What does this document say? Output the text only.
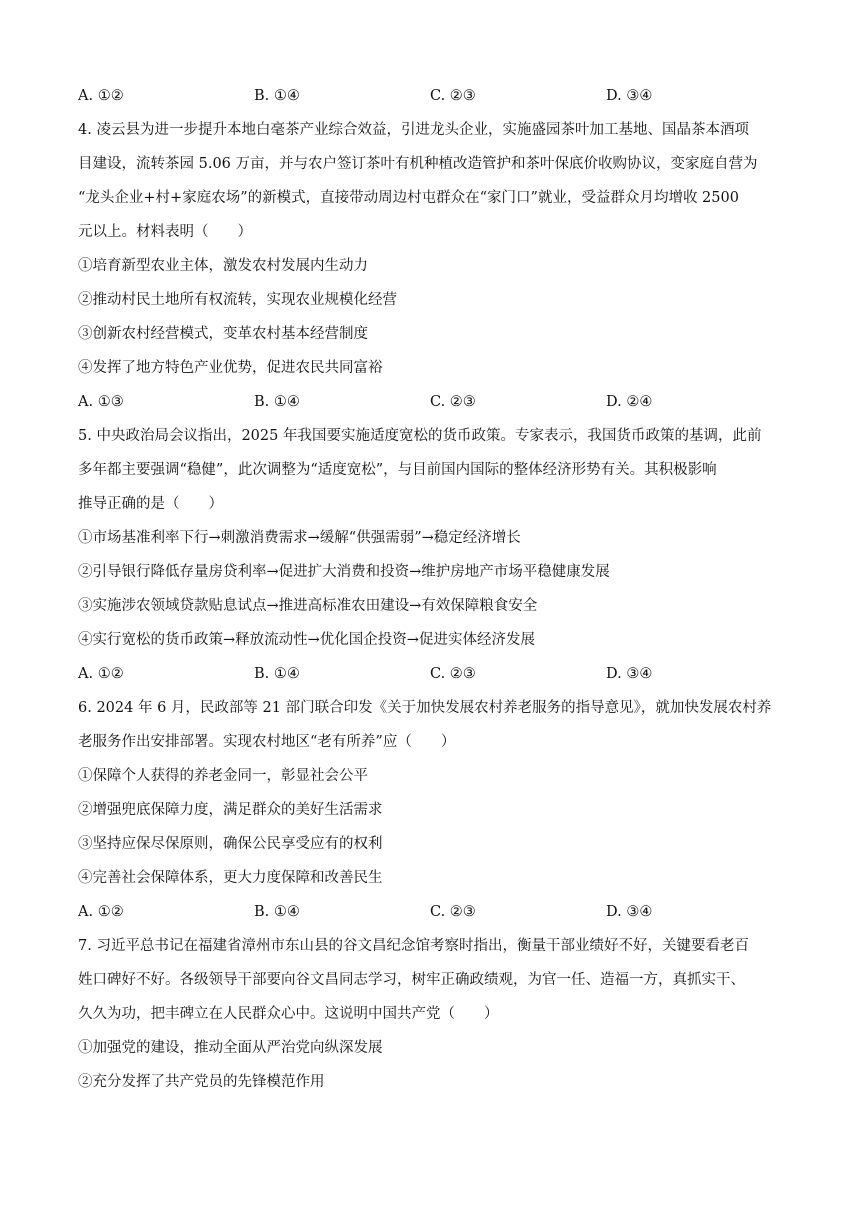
A. ①②	B. ①④	C. ②③	D. ③④
4. 凌云县为进一步提升本地白毫茶产业综合效益，引进龙头企业，实施盛园茶叶加工基地、国晶茶本酒项
目建设，流转茶园 5.06 万亩，并与农户签订茶叶有机种植改造管护和茶叶保底价收购协议，变家庭自营为
“龙头企业+村+家庭农场”的新模式，直接带动周边村屯群众在“家门口”就业，受益群众月均增收 2500
元以上。材料表明（　　）
①培育新型农业主体，激发农村发展内生动力
②推动村民土地所有权流转，实现农业规模化经营
③创新农村经营模式，变革农村基本经营制度
④发挥了地方特色产业优势，促进农民共同富裕
A. ①③	B. ①④	C. ②③	D. ②④
5. 中央政治局会议指出，2025 年我国要实施适度宽松的货币政策。专家表示，我国货币政策的基调，此前
多年都主要强调“稳健”，此次调整为“适度宽松”，与目前国内国际的整体经济形势有关。其积极影响
推导正确的是（　　）
①市场基准利率下行→刺激消费需求→缓解“供强需弱”→稳定经济增长
②引导银行降低存量房贷利率→促进扩大消费和投资→维护房地产市场平稳健康发展
③实施涉农领域贷款贴息试点→推进高标准农田建设→有效保障粮食安全
④实行宽松的货币政策→释放流动性→优化国企投资→促进实体经济发展
A. ①②	B. ①④	C. ②③	D. ③④
6. 2024 年 6 月，民政部等 21 部门联合印发《关于加快发展农村养老服务的指导意见》，就加快发展农村养
老服务作出安排部署。实现农村地区“老有所养”应（　　）
①保障个人获得的养老金同一，彰显社会公平
②增强兜底保障力度，满足群众的美好生活需求
③坚持应保尽保原则，确保公民享受应有的权利
④完善社会保障体系，更大力度保障和改善民生
A. ①②	B. ①④	C. ②③	D. ③④
7. 习近平总书记在福建省漳州市东山县的谷文昌纪念馆考察时指出，衡量干部业绩好不好，关键要看老百
姓口碑好不好。各级领导干部要向谷文昌同志学习，树牢正确政绩观，为官一任、造福一方，真抓实干、
久久为功，把丰碑立在人民群众心中。这说明中国共产党（　　）
①加强党的建设，推动全面从严治党向纵深发展
②充分发挥了共产党员的先锋模范作用
